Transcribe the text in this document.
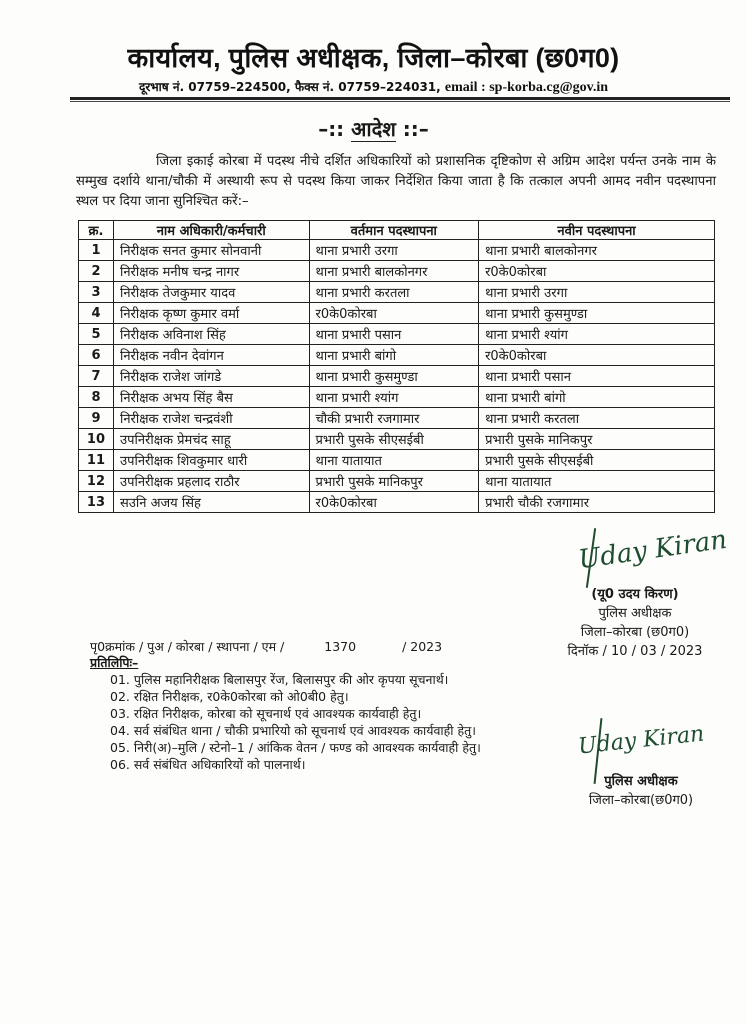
कार्यालय, पुलिस अधीक्षक, जिला–कोरबा (छ0ग0)
दूरभाष नं. 07759–224500, फैक्स नं. 07759–224031, email : sp-korba.cg@gov.in
–:: आदेश ::–
जिला इकाई कोरबा में पदस्थ नीचे दर्शित अधिकारियों को प्रशासनिक दृष्टिकोण से अग्रिम आदेश पर्यन्त उनके नाम के सम्मुख दर्शाये थाना/चौकी में अस्थायी रूप से पदस्थ किया जाकर निर्देशित किया जाता है कि तत्काल अपनी आमद नवीन पदस्थापना स्थल पर दिया जाना सुनिश्चित करें:–
क्र.	नाम अधिकारी/कर्मचारी	वर्तमान पदस्थापना	नवीन पदस्थापना
1	निरीक्षक सनत कुमार सोनवानी	थाना प्रभारी उरगा	थाना प्रभारी बालकोनगर
2	निरीक्षक मनीष चन्द्र नागर	थाना प्रभारी बालकोनगर	र0के0कोरबा
3	निरीक्षक तेजकुमार यादव	थाना प्रभारी करतला	थाना प्रभारी उरगा
4	निरीक्षक कृष्ण कुमार वर्मा	र0के0कोरबा	थाना प्रभारी कुसमुण्डा
5	निरीक्षक अविनाश सिंह	थाना प्रभारी पसान	थाना प्रभारी श्यांग
6	निरीक्षक नवीन देवांगन	थाना प्रभारी बांगो	र0के0कोरबा
7	निरीक्षक राजेश जांगडे	थाना प्रभारी कुसमुण्डा	थाना प्रभारी पसान
8	निरीक्षक अभय सिंह बैस	थाना प्रभारी श्यांग	थाना प्रभारी बांगो
9	निरीक्षक राजेश चन्द्रवंशी	चौकी प्रभारी रजगामार	थाना प्रभारी करतला
10	उपनिरीक्षक प्रेमचंद साहू	प्रभारी पुसके सीएसईबी	प्रभारी पुसके मानिकपुर
11	उपनिरीक्षक शिवकुमार धारी	थाना यातायात	प्रभारी पुसके सीएसईबी
12	उपनिरीक्षक प्रहलाद राठौर	प्रभारी पुसके मानिकपुर	थाना यातायात
13	सउनि अजय सिंह	र0के0कोरबा	प्रभारी चौकी रजगामार
Uday Kiran
(यू0 उदय किरण)
पुलिस अधीक्षक
जिला–कोरबा (छ0ग0)
दिनॉक / 10 / 03 / 2023
पृ0क्रमांक / पुअ / कोरबा / स्थापना / एम /	1370	/ 2023
प्रतिलिपिः–
01. पुलिस महानिरीक्षक बिलासपुर रेंज, बिलासपुर की ओर कृपया सूचनार्थ।
02. रक्षित निरीक्षक, र0के0कोरबा को ओ0बी0 हेतु।
03. रक्षित निरीक्षक, कोरबा को सूचनार्थ एवं आवश्यक कार्यवाही हेतु।
04. सर्व संबंधित थाना / चौकी प्रभारियो को सूचनार्थ एवं आवश्यक कार्यवाही हेतु।
05. निरी(अ)–मुलि / स्टेनो–1 / आंकिक वेतन / फण्ड को आवश्यक कार्यवाही हेतु।
06. सर्व संबंधित अधिकारियों को पालनार्थ।
Uday Kiran
पुलिस अधीक्षक
जिला–कोरबा(छ0ग0)
